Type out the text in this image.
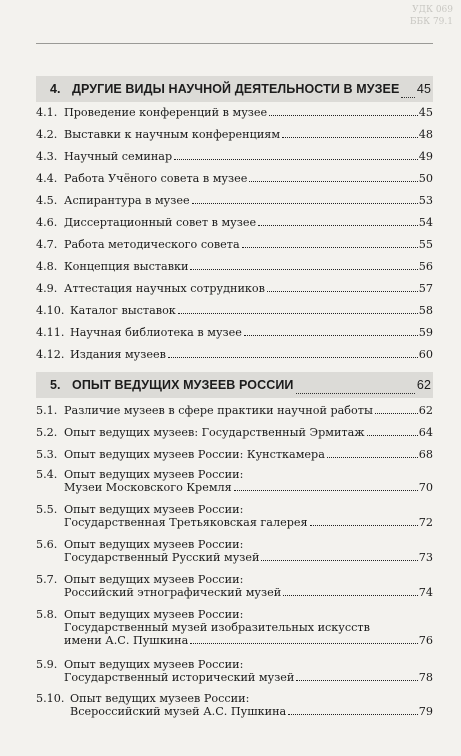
УДК 069
ББК 79.1
4. ДРУГИЕ ВИДЫ НАУЧНОЙ ДЕЯТЕЛЬНОСТИ В МУЗЕЕ 45
4.1. Проведение конференций в музее	45
4.2. Выставки к научным конференциям	48
4.3. Научный семинар	49
4.4. Работа Учёного совета в музее	50
4.5. Аспирантура в музее	53
4.6. Диссертационный совет в музее	54
4.7. Работа методического совета	55
4.8. Концепция выставки	56
4.9. Аттестация научных сотрудников	57
4.10. Каталог выставок	58
4.11. Научная библиотека в музее	59
4.12. Издания музеев	60
5. ОПЫТ ВЕДУЩИХ МУЗЕЕВ РОССИИ	62
5.1. Различие музеев в сфере практики научной работы	62
5.2. Опыт ведущих музеев: Государственный Эрмитаж	64
5.3. Опыт ведущих музеев России: Кунсткамера	68
5.4. Опыт ведущих музеев России:
Музеи Московского Кремля	70
5.5. Опыт ведущих музеев России:
Государственная Третьяковская галерея	72
5.6. Опыт ведущих музеев России:
Государственный Русский музей	73
5.7. Опыт ведущих музеев России:
Российский этнографический музей	74
5.8. Опыт ведущих музеев России:
Государственный музей изобразительных искусств
имени А.С. Пушкина	76
5.9. Опыт ведущих музеев России:
Государственный исторический музей	78
5.10. Опыт ведущих музеев России:
Всероссийский музей А.С. Пушкина	79
